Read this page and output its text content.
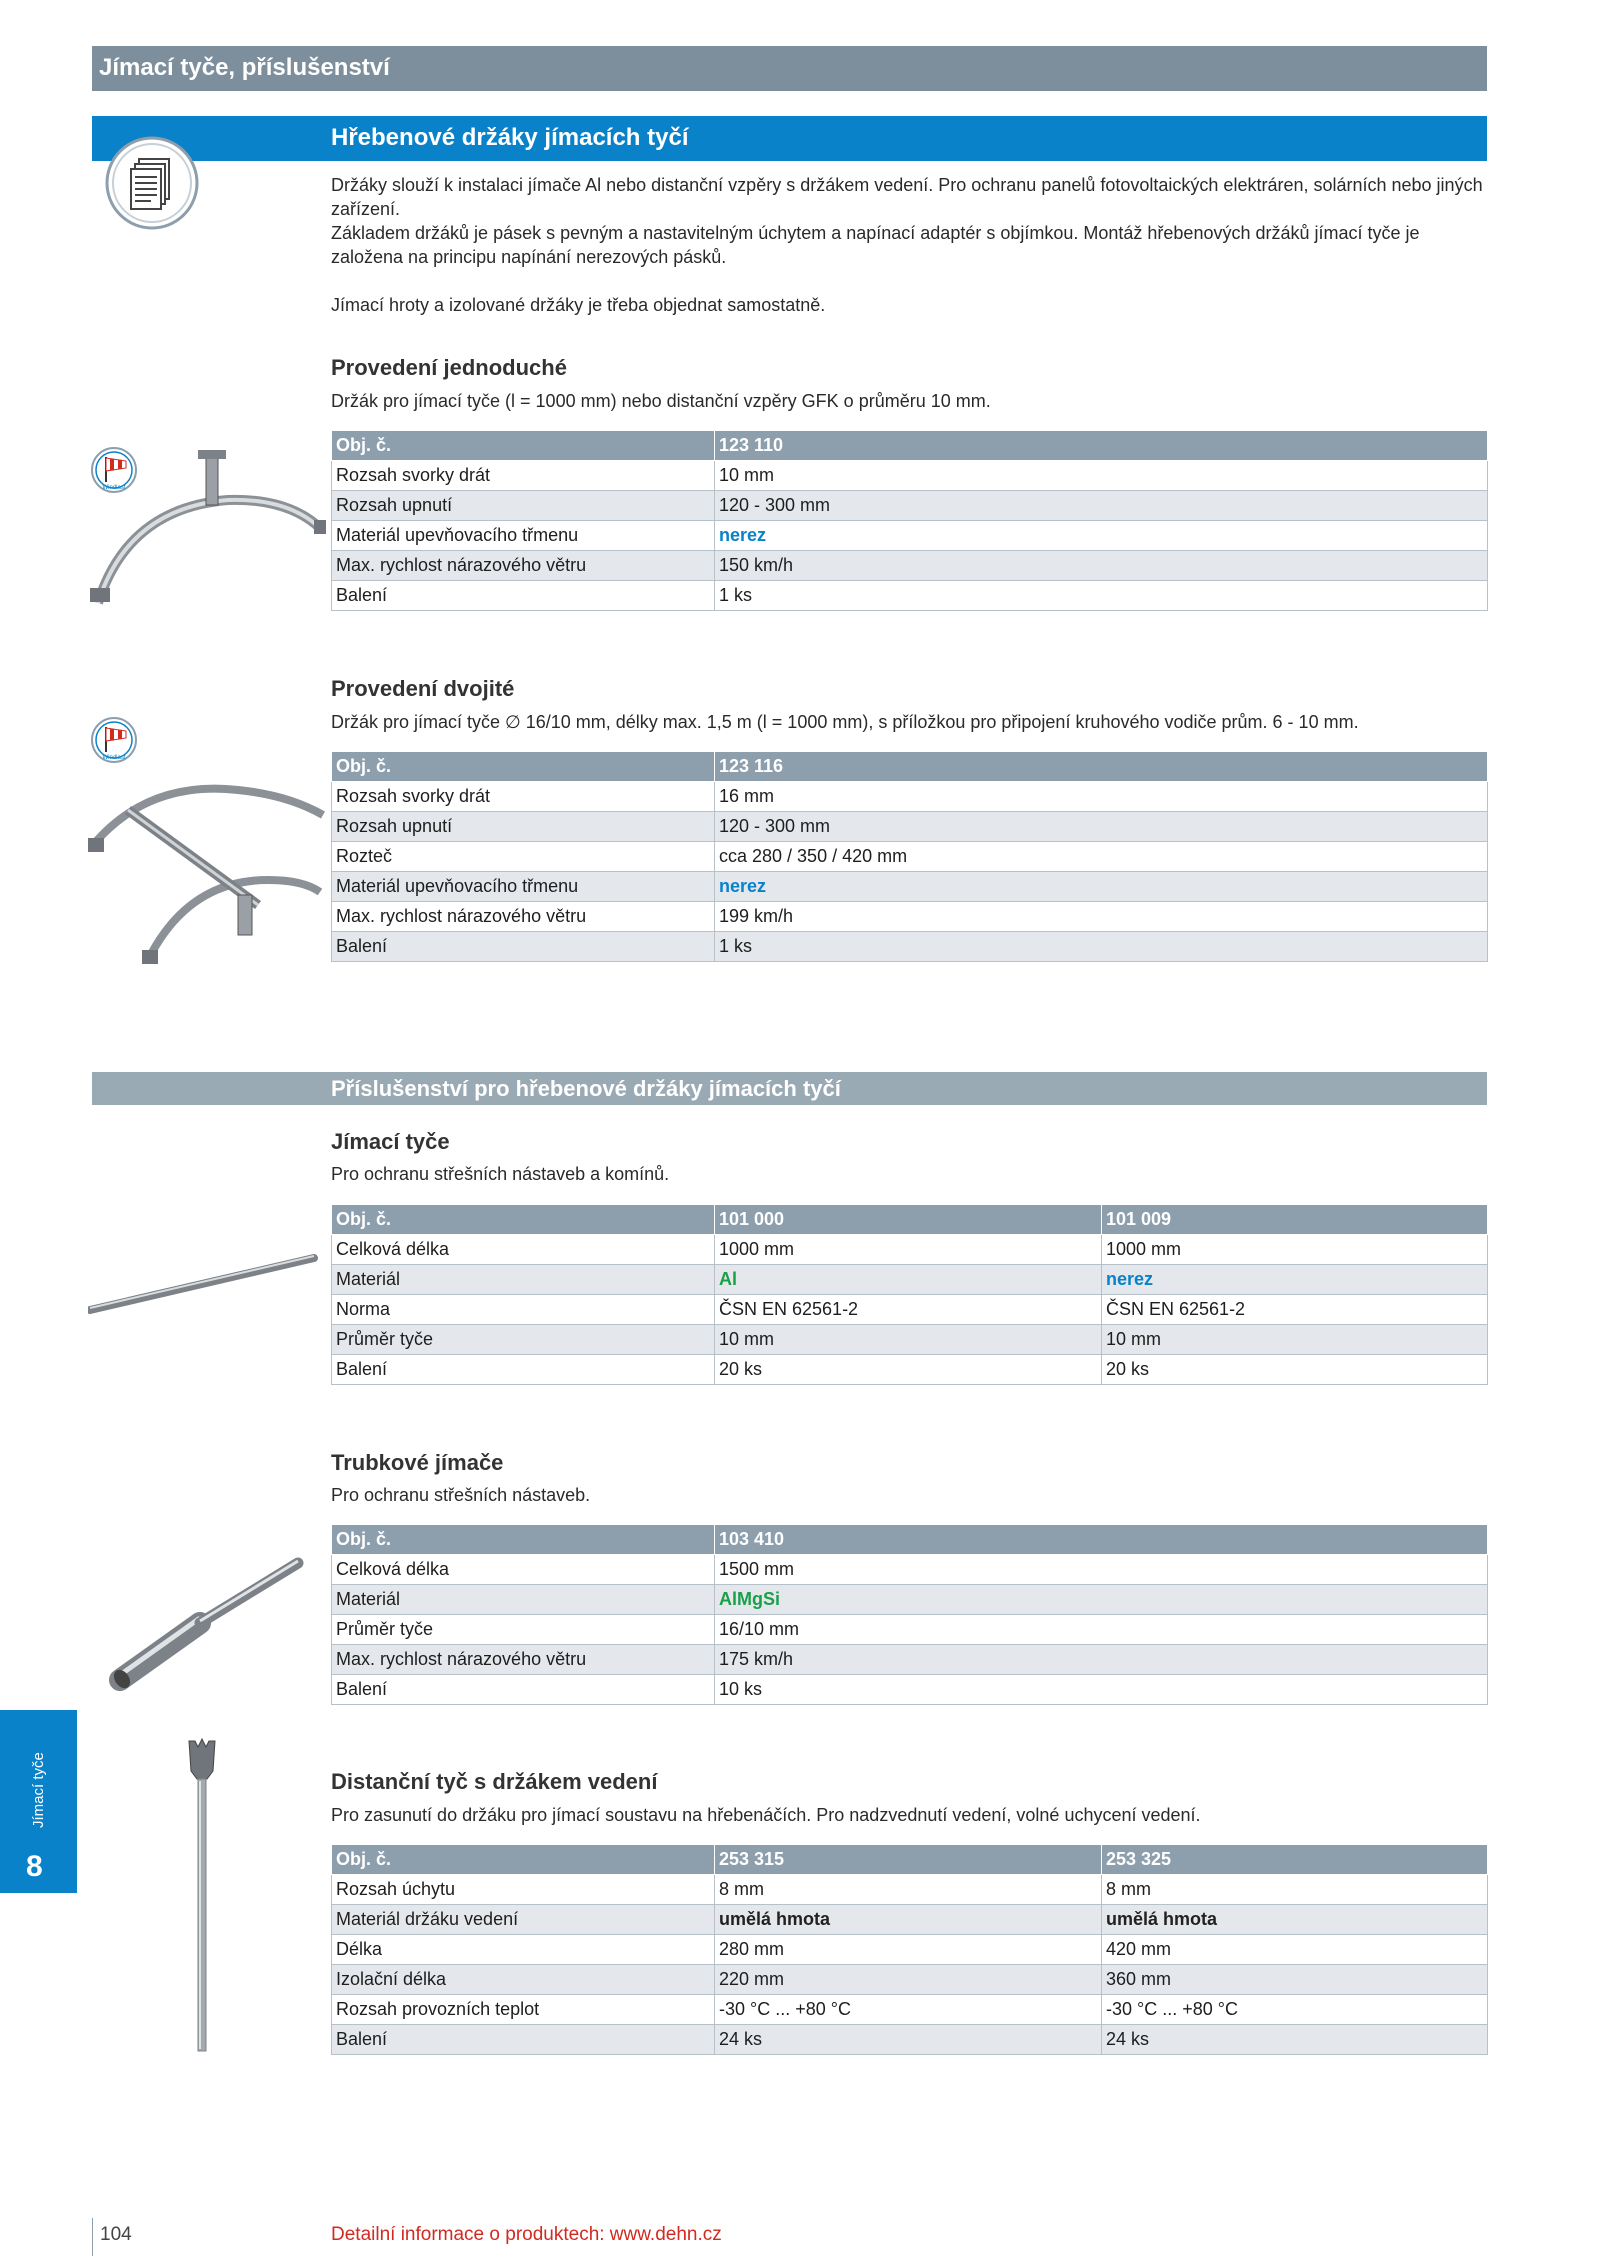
Jímací tyče, příslušenství
Hřebenové držáky jímacích tyčí

Držáky slouží k instalaci jímače Al nebo distanční vzpěry s držákem vedení. Pro ochranu panelů fotovoltaických elektráren, solárních nebo jiných zařízení.

Základem držáků je pásek s pevným a nastavitelným úchytem a napínací adaptér s objímkou. Montáž hřebenových držáků jímací tyče je založena na principu napínání nerezových pásků.

Jímací hroty a izolované držáky je třeba objednat samostatně.

Provedení jednoduché
Držák pro jímací tyče (l = 1000 mm) nebo distanční vzpěry GFK o průměru 10 mm.
Obj. č.	123 110
Rozsah svorky drát	10 mm
Rozsah upnutí	120 - 300 mm
Materiál upevňovacího třmenu	nerez
Max. rychlost nárazového větru	150 km/h
Balení	1 ks
Windlast
Provedení dvojité
Držák pro jímací tyče ∅ 16/10 mm, délky max. 1,5 m (l = 1000 mm), s příložkou pro připojení kruhového vodiče prům. 6 - 10 mm.
Obj. č.	123 116
Rozsah svorky drát	16 mm
Rozsah upnutí	120 - 300 mm
Rozteč	cca 280 / 350 / 420 mm
Materiál upevňovacího třmenu	nerez
Max. rychlost nárazového větru	199 km/h
Balení	1 ks
Windlast
Příslušenství pro hřebenové držáky jímacích tyčí
Jímací tyče
Pro ochranu střešních nástaveb a komínů.
Obj. č.	101 000	101 009
Celková délka	1000 mm	1000 mm
Materiál	Al	nerez
Norma	ČSN EN 62561-2	ČSN EN 62561-2
Průměr tyče	10 mm	10 mm
Balení	20 ks	20 ks
Trubkové jímače
Pro ochranu střešních nástaveb.
Obj. č.	103 410
Celková délka	1500 mm
Materiál	AlMgSi
Průměr tyče	16/10 mm
Max. rychlost nárazového větru	175 km/h
Balení	10 ks
Distanční tyč s držákem vedení
Pro zasunutí do držáku pro jímací soustavu na hřebenáčích. Pro nadzvednutí vedení, volné uchycení vedení.
Obj. č.	253 315	253 325
Rozsah úchytu	8 mm	8 mm
Materiál držáku vedení	umělá hmota	umělá hmota
Délka	280 mm	420 mm
Izolační délka	220 mm	360 mm
Rozsah provozních teplot	-30 °C ... +80 °C	-30 °C ... +80 °C
Balení	24 ks	24 ks
Jímací tyče
8
104	Detailní informace o produktech: www.dehn.cz
